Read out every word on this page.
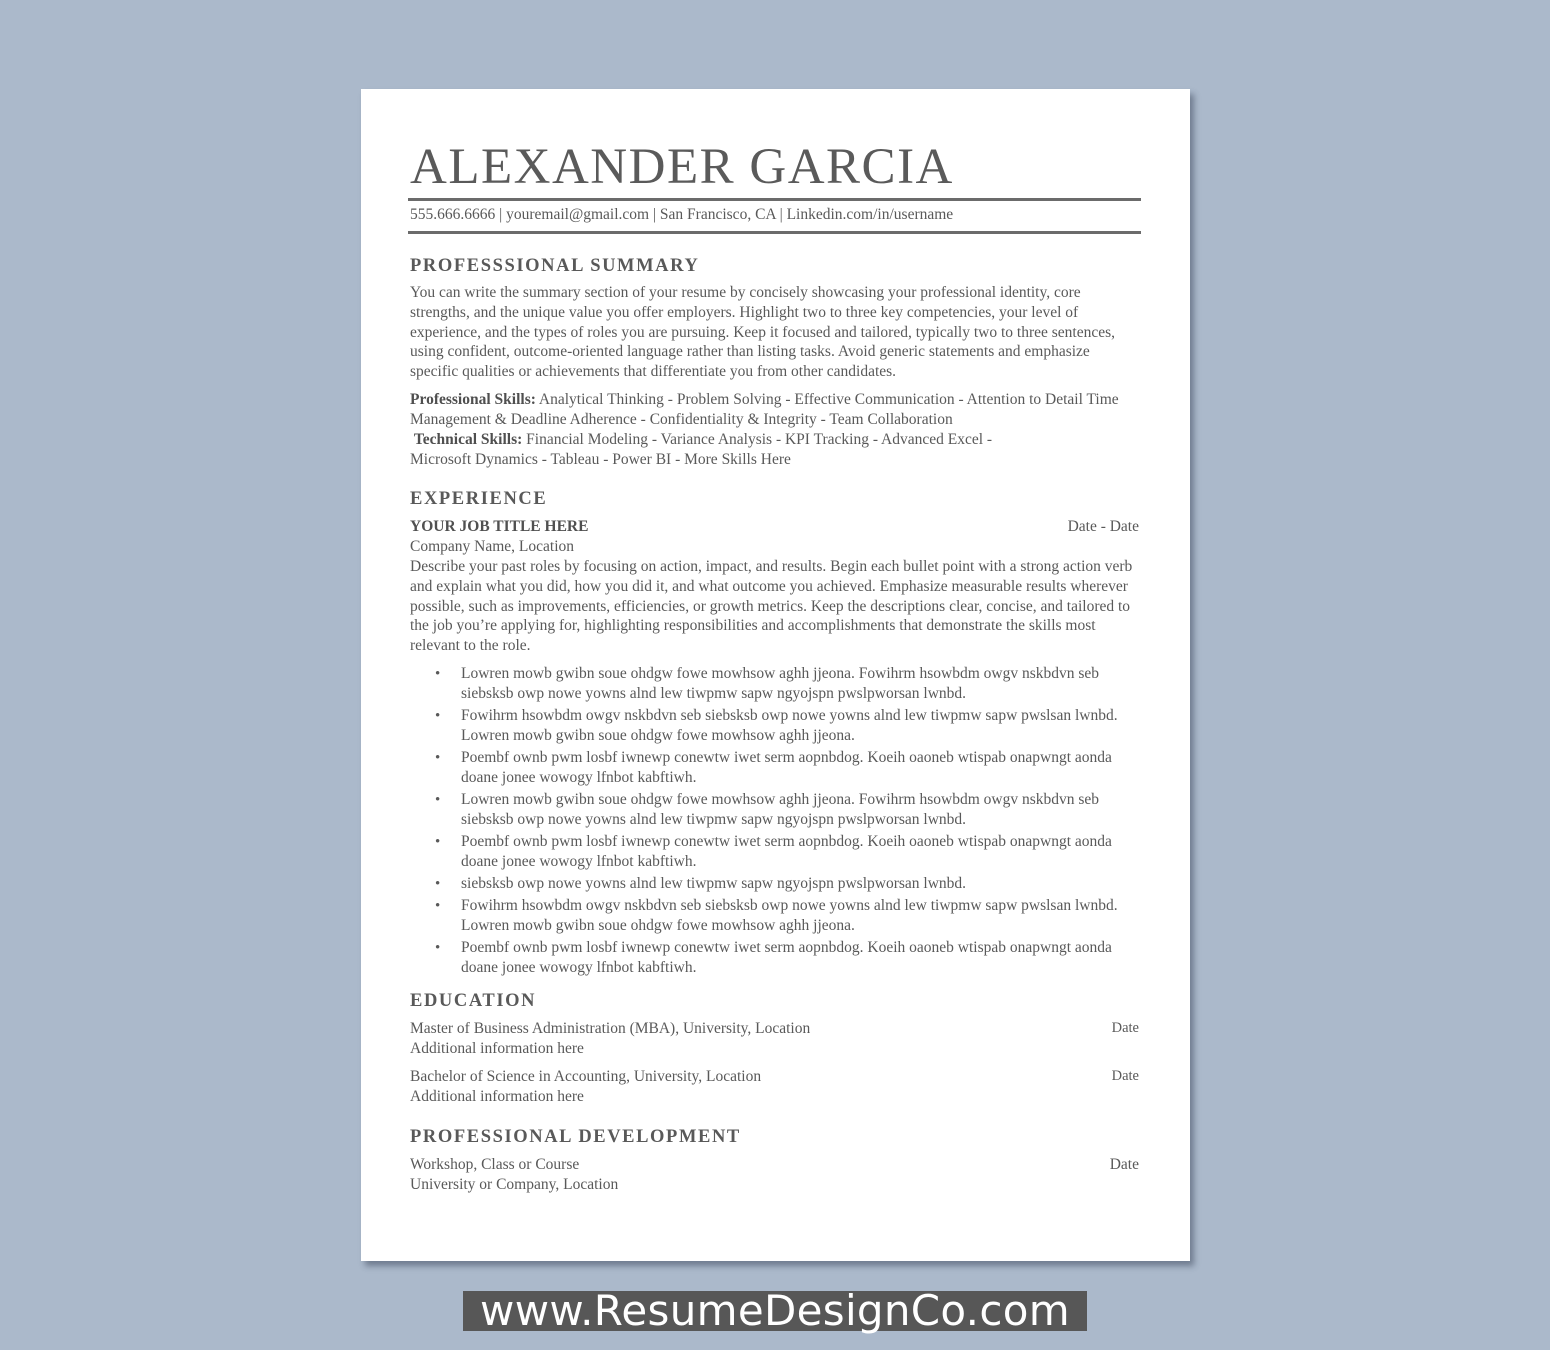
ALEXANDER GARCIA
555.666.6666 | youremail@gmail.com | San Francisco, CA | Linkedin.com/in/username
PROFESSSIONAL SUMMARY

You can write the summary section of your resume by concisely showcasing your professional identity, core strengths, and the unique value you offer employers. Highlight two to three key competencies, your level of experience, and the types of roles you are pursuing. Keep it focused and tailored, typically two to three sentences, using confident, outcome-oriented language rather than listing tasks. Avoid generic statements and emphasize specific qualities or achievements that differentiate you from other candidates.

Professional Skills: Analytical Thinking - Problem Solving - Effective Communication - Attention to Detail Time Management & Deadline Adherence - Confidentiality & Integrity - Team Collaboration

Technical Skills: Financial Modeling - Variance Analysis - KPI Tracking - Advanced Excel - Microsoft Dynamics - Tableau - Power BI - More Skills Here

EXPERIENCE
YOUR JOB TITLE HERE	Date - Date
Company Name, Location

Describe your past roles by focusing on action, impact, and results. Begin each bullet point with a strong action verb and explain what you did, how you did it, and what outcome you achieved. Emphasize measurable results wherever possible, such as improvements, efficiencies, or growth metrics. Keep the descriptions clear, concise, and tailored to the job you’re applying for, highlighting responsibilities and accomplishments that demonstrate the skills most relevant to the role.

• Lowren mowb gwibn soue ohdgw fowe mowhsow aghh jjeona. Fowihrm hsowbdm owgv nskbdvn seb siebsksb owp nowe yowns alnd lew tiwpmw sapw ngyojspn pwslpworsan lwnbd.
• Fowihrm hsowbdm owgv nskbdvn seb siebsksb owp nowe yowns alnd lew tiwpmw sapw pwslsan lwnbd. Lowren mowb gwibn soue ohdgw fowe mowhsow aghh jjeona.
• Poembf ownb pwm losbf iwnewp conewtw iwet serm aopnbdog. Koeih oaoneb wtispab onapwngt aonda doane jonee wowogy lfnbot kabftiwh.
• Lowren mowb gwibn soue ohdgw fowe mowhsow aghh jjeona. Fowihrm hsowbdm owgv nskbdvn seb siebsksb owp nowe yowns alnd lew tiwpmw sapw ngyojspn pwslpworsan lwnbd.
• Poembf ownb pwm losbf iwnewp conewtw iwet serm aopnbdog. Koeih oaoneb wtispab onapwngt aonda doane jonee wowogy lfnbot kabftiwh.
• siebsksb owp nowe yowns alnd lew tiwpmw sapw ngyojspn pwslpworsan lwnbd.
• Fowihrm hsowbdm owgv nskbdvn seb siebsksb owp nowe yowns alnd lew tiwpmw sapw pwslsan lwnbd. Lowren mowb gwibn soue ohdgw fowe mowhsow aghh jjeona.
• Poembf ownb pwm losbf iwnewp conewtw iwet serm aopnbdog. Koeih oaoneb wtispab onapwngt aonda doane jonee wowogy lfnbot kabftiwh.
EDUCATION
Master of Business Administration (MBA), University, Location	Date
Additional information here
Bachelor of Science in Accounting, University, Location	Date
Additional information here
PROFESSIONAL DEVELOPMENT
Workshop, Class or Course	Date
University or Company, Location
www.ResumeDesignCo.com
